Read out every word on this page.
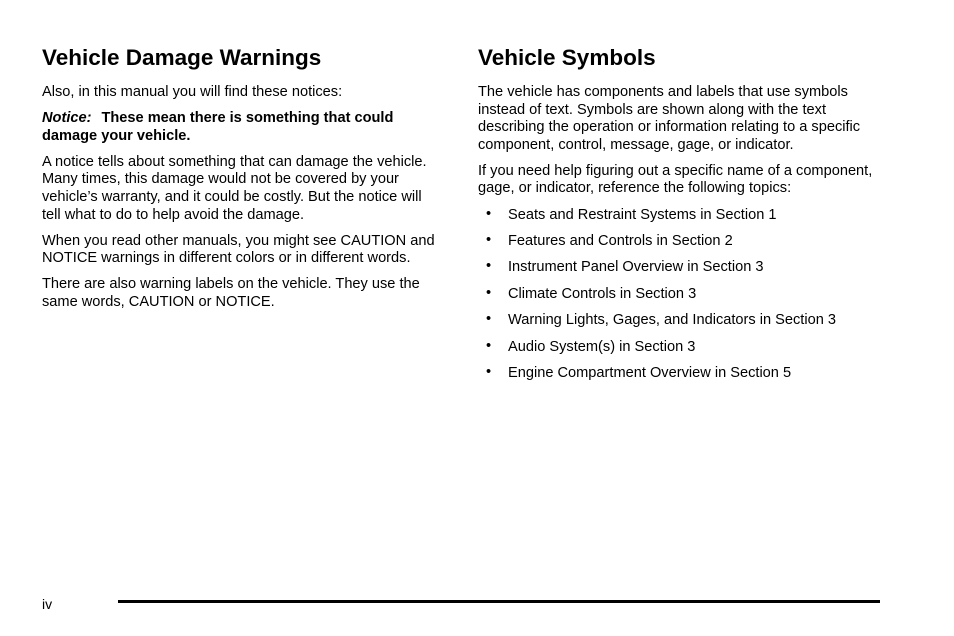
Vehicle Damage Warnings

Also, in this manual you will find these notices:

Notice: These mean there is something that could damage your vehicle.

A notice tells about something that can damage the vehicle. Many times, this damage would not be covered by your vehicle’s warranty, and it could be costly. But the notice will tell what to do to help avoid the damage.

When you read other manuals, you might see CAUTION and NOTICE warnings in different colors or in different words.

There are also warning labels on the vehicle. They use the same words, CAUTION or NOTICE.

Vehicle Symbols

The vehicle has components and labels that use symbols instead of text. Symbols are shown along with the text describing the operation or information relating to a specific component, control, message, gage, or indicator.

If you need help figuring out a specific name of a component, gage, or indicator, reference the following topics:

• Seats and Restraint Systems in Section 1
• Features and Controls in Section 2
• Instrument Panel Overview in Section 3
• Climate Controls in Section 3
• Warning Lights, Gages, and Indicators in Section 3
• Audio System(s) in Section 3
• Engine Compartment Overview in Section 5
iv
